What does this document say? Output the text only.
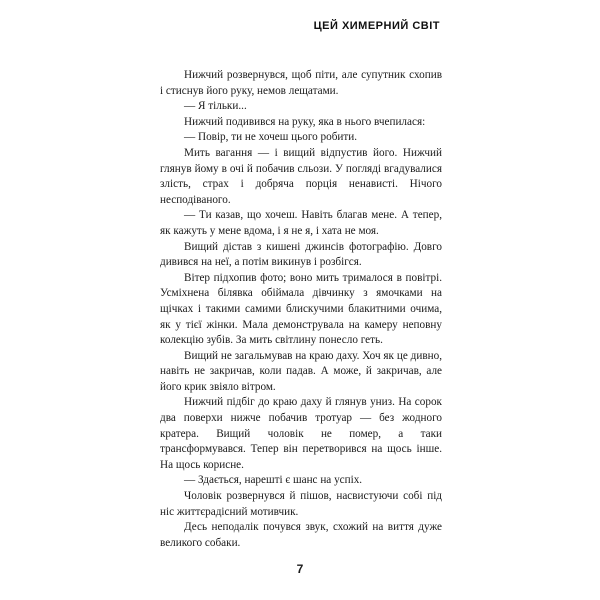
ЦЕЙ ХИМЕРНИЙ СВІТ

Нижчий розвернувся, щоб піти, але супутник схопив і стиснув його руку, немов лещатами.

— Я тільки...

Нижчий подивився на руку, яка в нього вчепилася:

— Повір, ти не хочеш цього робити.

Мить вагання — і вищий відпустив його. Нижчий глянув йому в очі й побачив сльози. У погляді вгадувалися злість, страх і добряча порція ненависті. Нічого несподіваного.

— Ти казав, що хочеш. Навіть благав мене. А тепер, як кажуть у мене вдома, і я не я, і хата не моя.

Вищий дістав з кишені джинсів фотографію. Довго дивився на неї, а потім викинув і розбігся.

Вітер підхопив фото; воно мить трималося в повітрі. Усміхнена білявка обіймала дівчинку з ямочками на щічках і такими самими блискучими блакитними очима, як у тієї жінки. Мала демонструвала на камеру неповну колекцію зубів. За мить світлину понесло геть.

Вищий не загальмував на краю даху. Хоч як це дивно, навіть не закричав, коли падав. А може, й закричав, але його крик звіяло вітром.

Нижчий підбіг до краю даху й глянув униз. На сорок два поверхи нижче побачив тротуар — без жодного кратера. Вищий чоловік не помер, а таки трансформувався. Тепер він перетворився на щось інше. На щось корисне.

— Здається, нарешті є шанс на успіх.

Чоловік розвернувся й пішов, насвистуючи собі під ніс життєрадісний мотивчик.

Десь неподалік почувся звук, схожий на виття дуже великого собаки.

7
